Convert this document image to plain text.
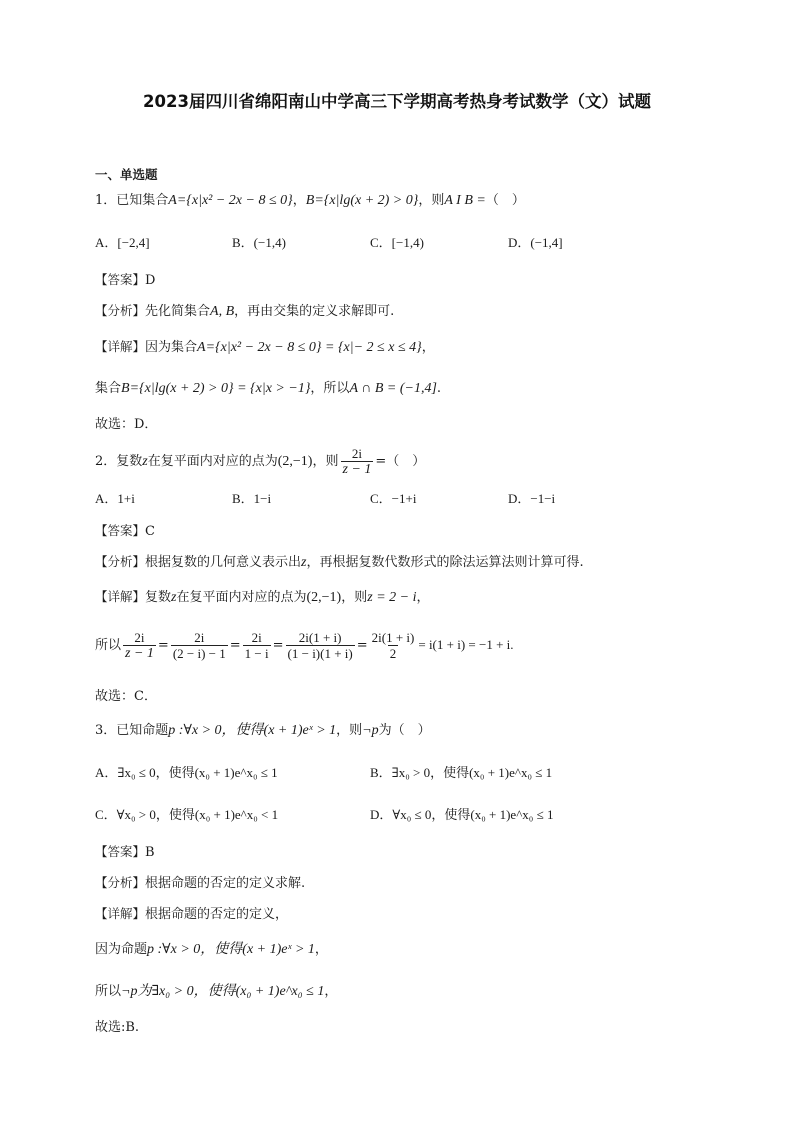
2023届四川省绵阳南山中学高三下学期高考热身考试数学（文）试题
一、单选题
1．已知集合A={x|x² − 2x − 8 ≤ 0}，B={x|lg(x + 2) > 0}，则A I B =（　）
A．[−2,4]	B．(−1,4)	C．[−1,4)	D．(−1,4]
【答案】D
【分析】先化简集合A, B，再由交集的定义求解即可.
【详解】因为集合A={x|x² − 2x − 8 ≤ 0} = {x|− 2 ≤ x ≤ 4}，
集合B={x|lg(x + 2) > 0} = {x|x > −1}，所以A ∩ B = (−1,4].
故选：D．
2．复数z在复平面内对应的点为(2,−1)，则 $\frac{2i}{z - 1}$ =（　）
A．1+i	B．1−i	C．−1+i	D．−1−i
【答案】C
【分析】根据复数的几何意义表示出z，再根据复数代数形式的除法运算法则计算可得.
【详解】复数z在复平面内对应的点为(2,−1)，则z = 2 − i，
所以 $\frac{2i}{z - 1} = \frac{2i}{(2 - i) - 1} = \frac{2i}{1 - i} = \frac{2i(1 + i)}{(1 - i)(1 + i)} = \frac{2i(1 + i)}{2} = i(1 + i) = -1 + i$.
故选：C．
3．已知命题p :∀x > 0，使得(x + 1)eˣ > 1，则¬p为（　）
A．∃x₀ ≤ 0，使得(x₀ + 1)e^x₀ ≤ 1	B．∃x₀ > 0，使得(x₀ + 1)e^x₀ ≤ 1
C．∀x₀ > 0，使得(x₀ + 1)e^x₀ < 1	D．∀x₀ ≤ 0，使得(x₀ + 1)e^x₀ ≤ 1
【答案】B
【分析】根据命题的否定的定义求解.
【详解】根据命题的否定的定义，
因为命题p :∀x > 0，使得(x + 1)eˣ > 1，
所以¬p为∃x₀ > 0，使得(x₀ + 1)e^x₀ ≤ 1，
故选:B.
